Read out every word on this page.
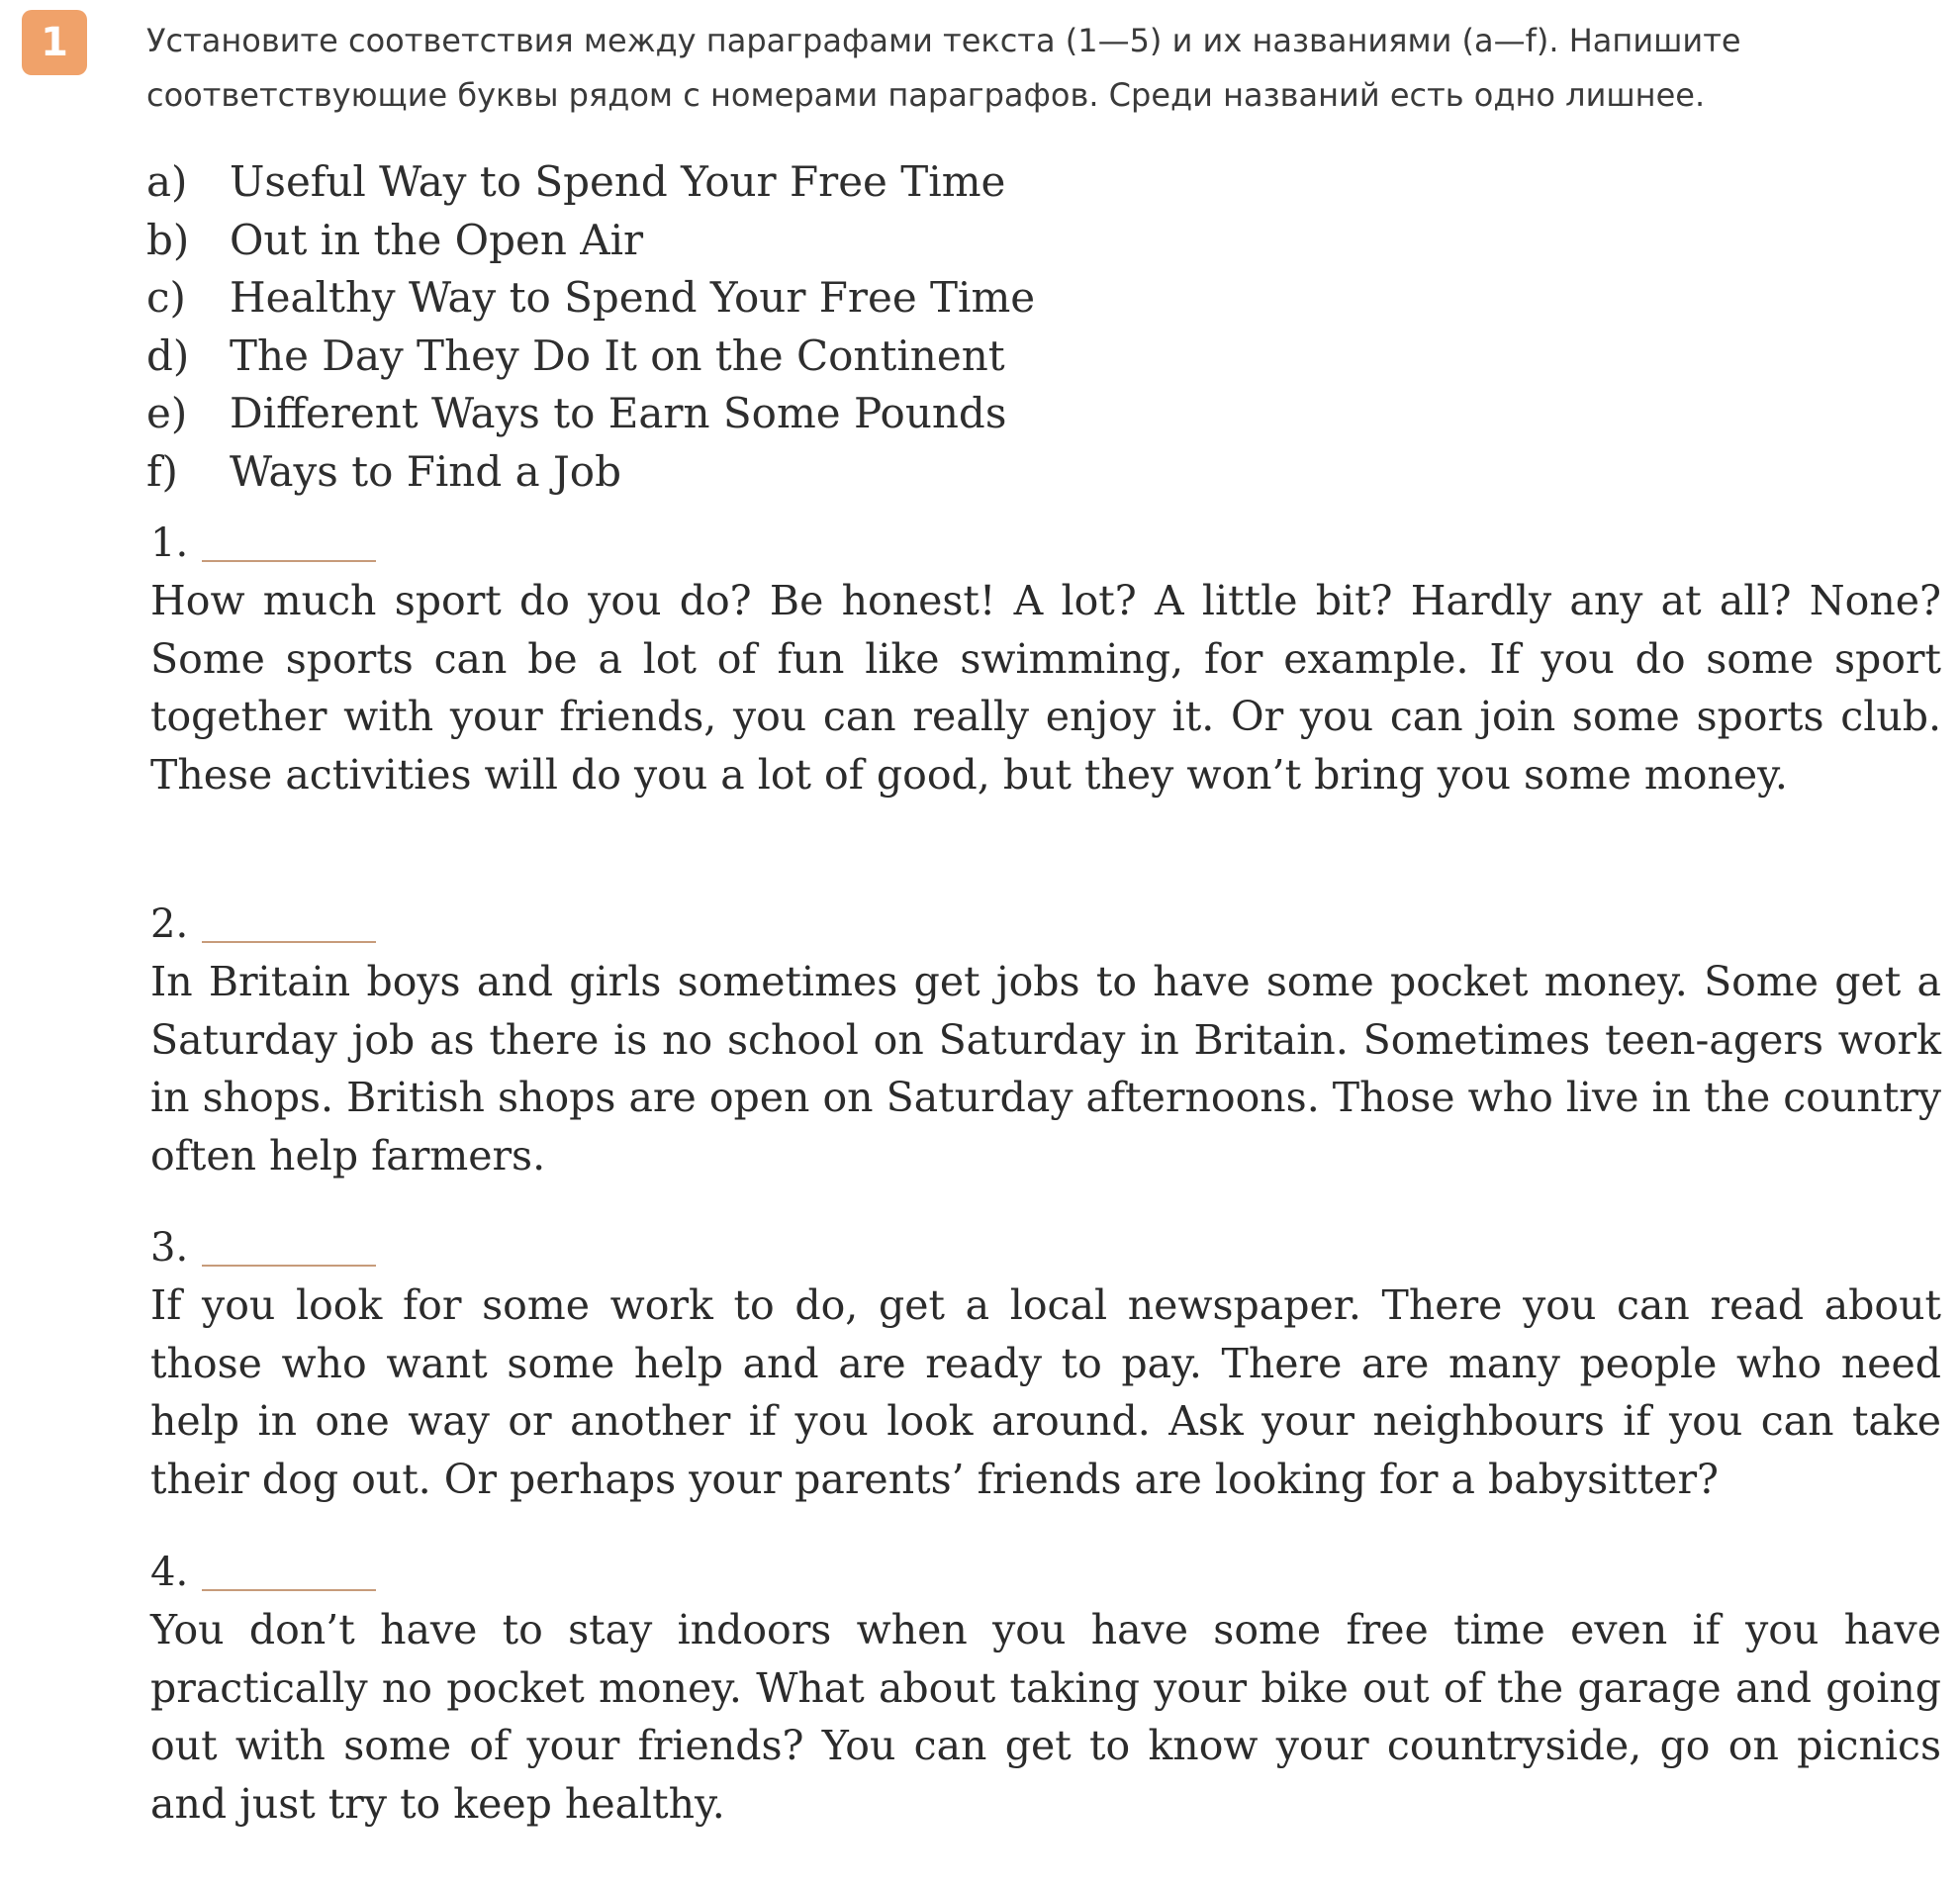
1	Установите соответствия между параграфами текста (1—5) и их названиями (a—f). Напишите
соответствующие буквы рядом с номерами параграфов. Среди названий есть одно лишнее.
a)	Useful Way to Spend Your Free Time
b) Out in the Open Air
c)	Healthy Way to Spend Your Free Time
d) The Day They Do It on the Continent
e)	Different Ways to Earn Some Pounds
f)	Ways to Find a Job
1.
How much sport do you do? Be honest! A lot? A little bit? Hardly any at all? None? Some sports can be a lot of fun like swimming, for example. If you do some sport together with your friends, you can really enjoy it. Or you can join some sports club. These activities will do you a lot of good, but they won’t bring you some money.
2.
In Britain boys and girls sometimes get jobs to have some pocket money. Some get a Saturday job as there is no school on Saturday in Britain. Sometimes teen-agers work in shops. British shops are open on Saturday afternoons. Those who live in the country often help farmers.
3.
If you look for some work to do, get a local newspaper. There you can read about those who want some help and are ready to pay. There are many people who need help in one way or another if you look around. Ask your neighbours if you can take their dog out. Or perhaps your parents’ friends are looking for a babysitter?
4.
You don’t have to stay indoors when you have some free time even if you have practically no pocket money. What about taking your bike out of the garage and going out with some of your friends? You can get to know your countryside, go on picnics and just try to keep healthy.
